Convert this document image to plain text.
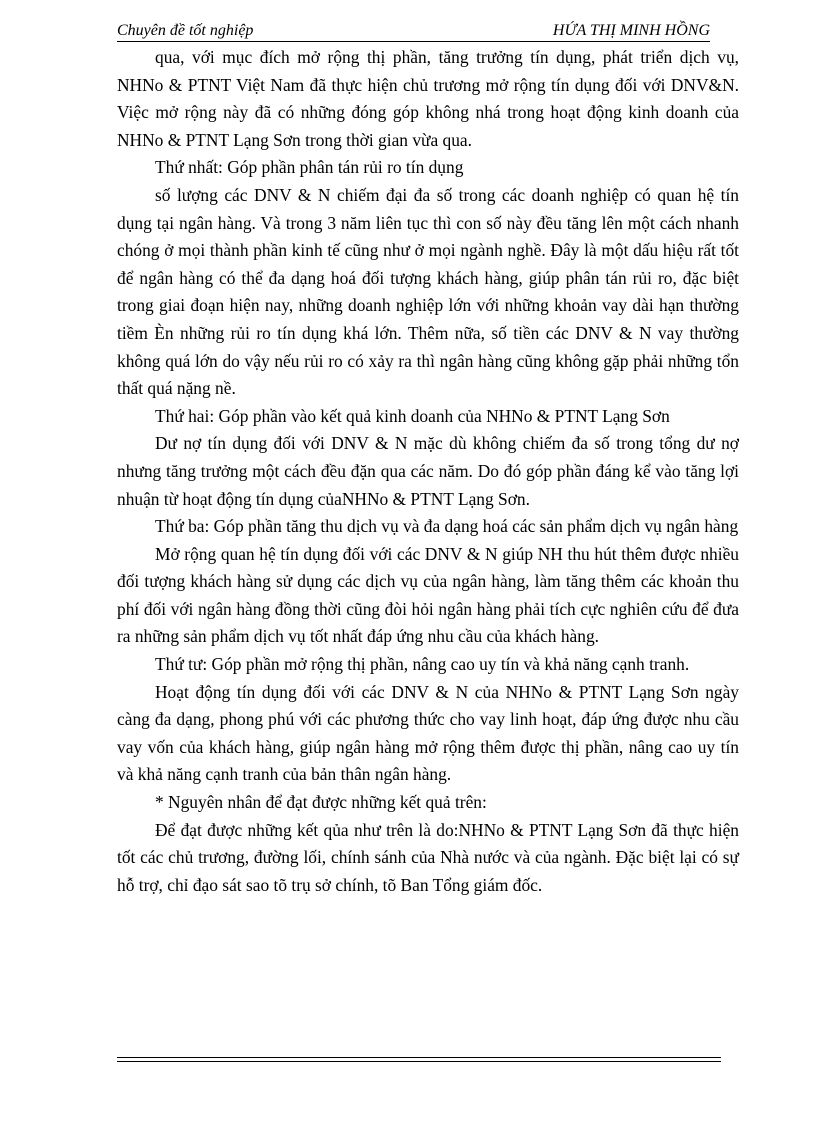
Chuyên đề tốt nghiệp	HỨA THỊ MINH HỒNG

qua, với mục đích mở rộng thị phần, tăng trưởng tín dụng, phát triển dịch vụ, NHNo & PTNT Việt Nam đã thực hiện chủ trương mở rộng tín dụng đối với DNV&N. Việc mở rộng này đã có những đóng góp không nhá trong hoạt động kinh doanh của NHNo & PTNT Lạng Sơn trong thời gian vừa qua.

Thứ nhất: Góp phần phân tán rủi ro tín dụng

số lượng các DNV & N chiếm đại đa số trong các doanh nghiệp có quan hệ tín dụng tại ngân hàng. Và trong 3 năm liên tục thì con số này đều tăng lên một cách nhanh chóng ở mọi thành phần kinh tế cũng như ở mọi ngành nghề. Đây là một dấu hiệu rất tốt để ngân hàng có thể đa dạng hoá đối tượng khách hàng, giúp phân tán rủi ro, đặc biệt trong giai đoạn hiện nay, những doanh nghiệp lớn với những khoản vay dài hạn thường tiềm Èn những rủi ro tín dụng khá lớn. Thêm nữa, số tiền các DNV & N vay thường không quá lớn do vậy nếu rủi ro có xảy ra thì ngân hàng cũng không gặp phải những tổn thất quá nặng nề.

Thứ hai: Góp phần vào kết quả kinh doanh của NHNo & PTNT Lạng Sơn

Dư nợ tín dụng đối với DNV & N mặc dù không chiếm đa số trong tổng dư nợ nhưng tăng trưởng một cách đều đặn qua các năm. Do đó góp phần đáng kể vào tăng lợi nhuận từ hoạt động tín dụng củaNHNo & PTNT Lạng Sơn.

Thứ ba: Góp phần tăng thu dịch vụ và đa dạng hoá các sản phẩm dịch vụ ngân hàng

Mở rộng quan hệ tín dụng đối với các DNV & N giúp NH thu hút thêm được nhiều đối tượng khách hàng sử dụng các dịch vụ của ngân hàng, làm tăng thêm các khoản thu phí đối với ngân hàng đồng thời cũng đòi hỏi ngân hàng phải tích cực nghiên cứu để đưa ra những sản phẩm dịch vụ tốt nhất đáp ứng nhu cầu của khách hàng.

Thứ tư: Góp phần mở rộng thị phần, nâng cao uy tín và khả năng cạnh tranh.

Hoạt động tín dụng đối với các DNV & N của NHNo & PTNT Lạng Sơn ngày càng đa dạng, phong phú với các phương thức cho vay linh hoạt, đáp ứng được nhu cầu vay vốn của khách hàng, giúp ngân hàng mở rộng thêm được thị phần, nâng cao uy tín và khả năng cạnh tranh của bản thân ngân hàng.

* Nguyên nhân để đạt được những kết quả trên:

Để đạt được những kết qủa như trên là do:NHNo & PTNT Lạng Sơn đã thực hiện tốt các chủ trương, đường lối, chính sánh của Nhà nước và của ngành. Đặc biệt lại có sự hỗ trợ, chỉ đạo sát sao tõ trụ sở chính, tõ Ban Tổng giám đốc.
